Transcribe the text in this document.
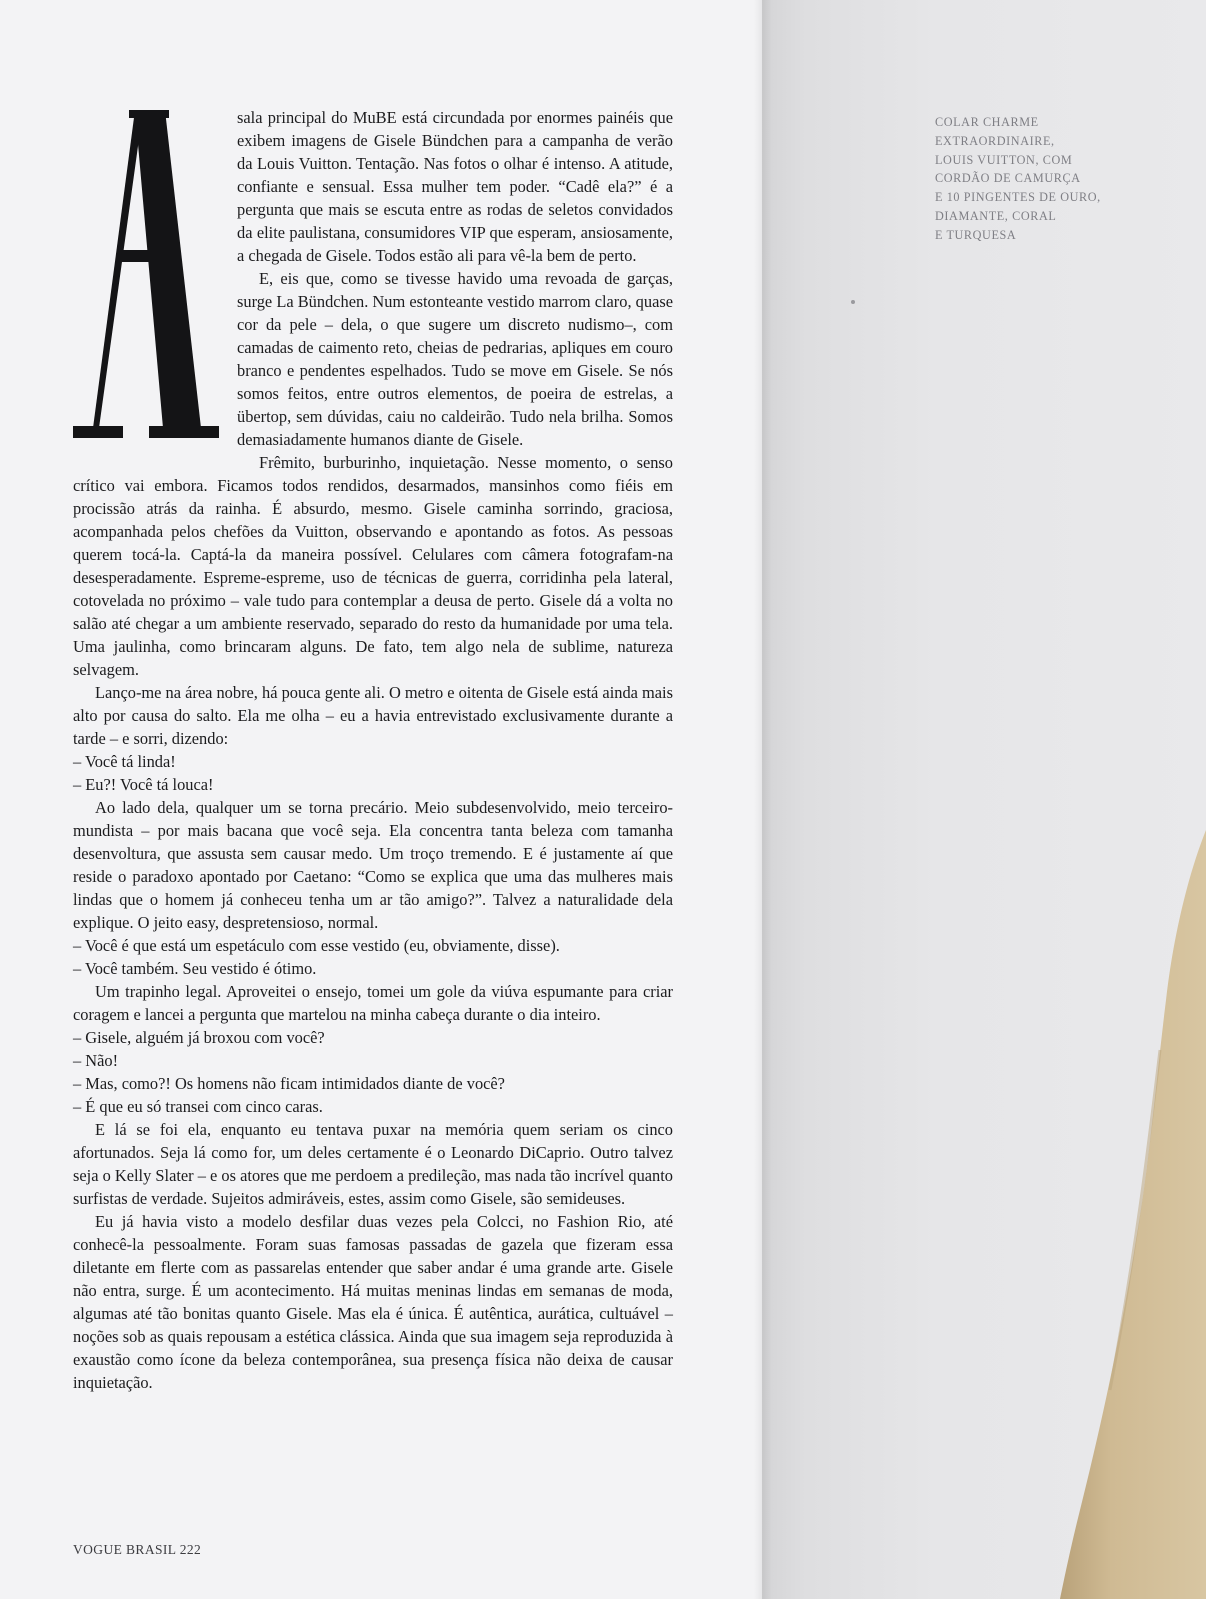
sala principal do MuBE está circundada por enormes painéis que exibem imagens de Gisele Bündchen para a campanha de verão da Louis Vuitton. Tentação. Nas fotos o olhar é intenso. A atitude, confiante e sensual. Essa mulher tem poder. “Cadê ela?” é a pergunta que mais se escuta entre as rodas de seletos convidados da elite paulistana, consumidores VIP que esperam, ansiosamente, a chegada de Gisele. Todos estão ali para vê-la bem de perto.

E, eis que, como se tivesse havido uma revoada de garças, surge La Bündchen. Num estonteante vestido marrom claro, quase cor da pele – dela, o que sugere um discreto nudismo–, com camadas de caimento reto, cheias de pedrarias, apliques em couro branco e pendentes espelhados. Tudo se move em Gisele. Se nós somos feitos, entre outros elementos, de poeira de estrelas, a übertop, sem dúvidas, caiu no caldeirão. Tudo nela brilha. Somos demasiadamente humanos diante de Gisele.

Frêmito, burburinho, inquietação. Nesse momento, o senso crítico vai embora. Ficamos todos rendidos, desarmados, mansinhos como fiéis em procissão atrás da rainha. É absurdo, mesmo. Gisele caminha sorrindo, graciosa, acompanhada pelos chefões da Vuitton, observando e apontando as fotos. As pessoas querem tocá-la. Captá-la da maneira possível. Celulares com câmera fotografam-na desesperadamente. Espreme-espreme, uso de técnicas de guerra, corridinha pela lateral, cotovelada no próximo – vale tudo para contemplar a deusa de perto. Gisele dá a volta no salão até chegar a um ambiente reservado, separado do resto da humanidade por uma tela. Uma jaulinha, como brincaram alguns. De fato, tem algo nela de sublime, natureza selvagem.

Lanço-me na área nobre, há pouca gente ali. O metro e oitenta de Gisele está ainda mais alto por causa do salto. Ela me olha – eu a havia entrevistado exclusivamente durante a tarde – e sorri, dizendo:

– Você tá linda!

– Eu?! Você tá louca!

Ao lado dela, qualquer um se torna precário. Meio subdesenvolvido, meio terceiro-mundista – por mais bacana que você seja. Ela concentra tanta beleza com tamanha desenvoltura, que assusta sem causar medo. Um troço tremendo. E é justamente aí que reside o paradoxo apontado por Caetano: “Como se explica que uma das mulheres mais lindas que o homem já conheceu tenha um ar tão amigo?”. Talvez a naturalidade dela explique. O jeito easy, despretensioso, normal.

– Você é que está um espetáculo com esse vestido (eu, obviamente, disse).

– Você também. Seu vestido é ótimo.

Um trapinho legal. Aproveitei o ensejo, tomei um gole da viúva espumante para criar coragem e lancei a pergunta que martelou na minha cabeça durante o dia inteiro.

– Gisele, alguém já broxou com você?

– Não!

– Mas, como?! Os homens não ficam intimidados diante de você?

– É que eu só transei com cinco caras.

E lá se foi ela, enquanto eu tentava puxar na memória quem seriam os cinco afortunados. Seja lá como for, um deles certamente é o Leonardo DiCaprio. Outro talvez seja o Kelly Slater – e os atores que me perdoem a predileção, mas nada tão incrível quanto surfistas de verdade. Sujeitos admiráveis, estes, assim como Gisele, são semideuses.

Eu já havia visto a modelo desfilar duas vezes pela Colcci, no Fashion Rio, até conhecê-la pessoalmente. Foram suas famosas passadas de gazela que fizeram essa diletante em flerte com as passarelas entender que saber andar é uma grande arte. Gisele não entra, surge. É um acontecimento. Há muitas meninas lindas em semanas de moda, algumas até tão bonitas quanto Gisele. Mas ela é única. É autêntica, aurática, cultuável – noções sob as quais repousam a estética clássica. Ainda que sua imagem seja reproduzida à exaustão como ícone da beleza contemporânea, sua presença física não deixa de causar inquietação.

COLAR CHARME
EXTRAORDINAIRE,
LOUIS VUITTON, COM
CORDÃO DE CAMURÇA
E 10 PINGENTES DE OURO,
DIAMANTE, CORAL
E TURQUESA
VOGUE BRASIL 222
